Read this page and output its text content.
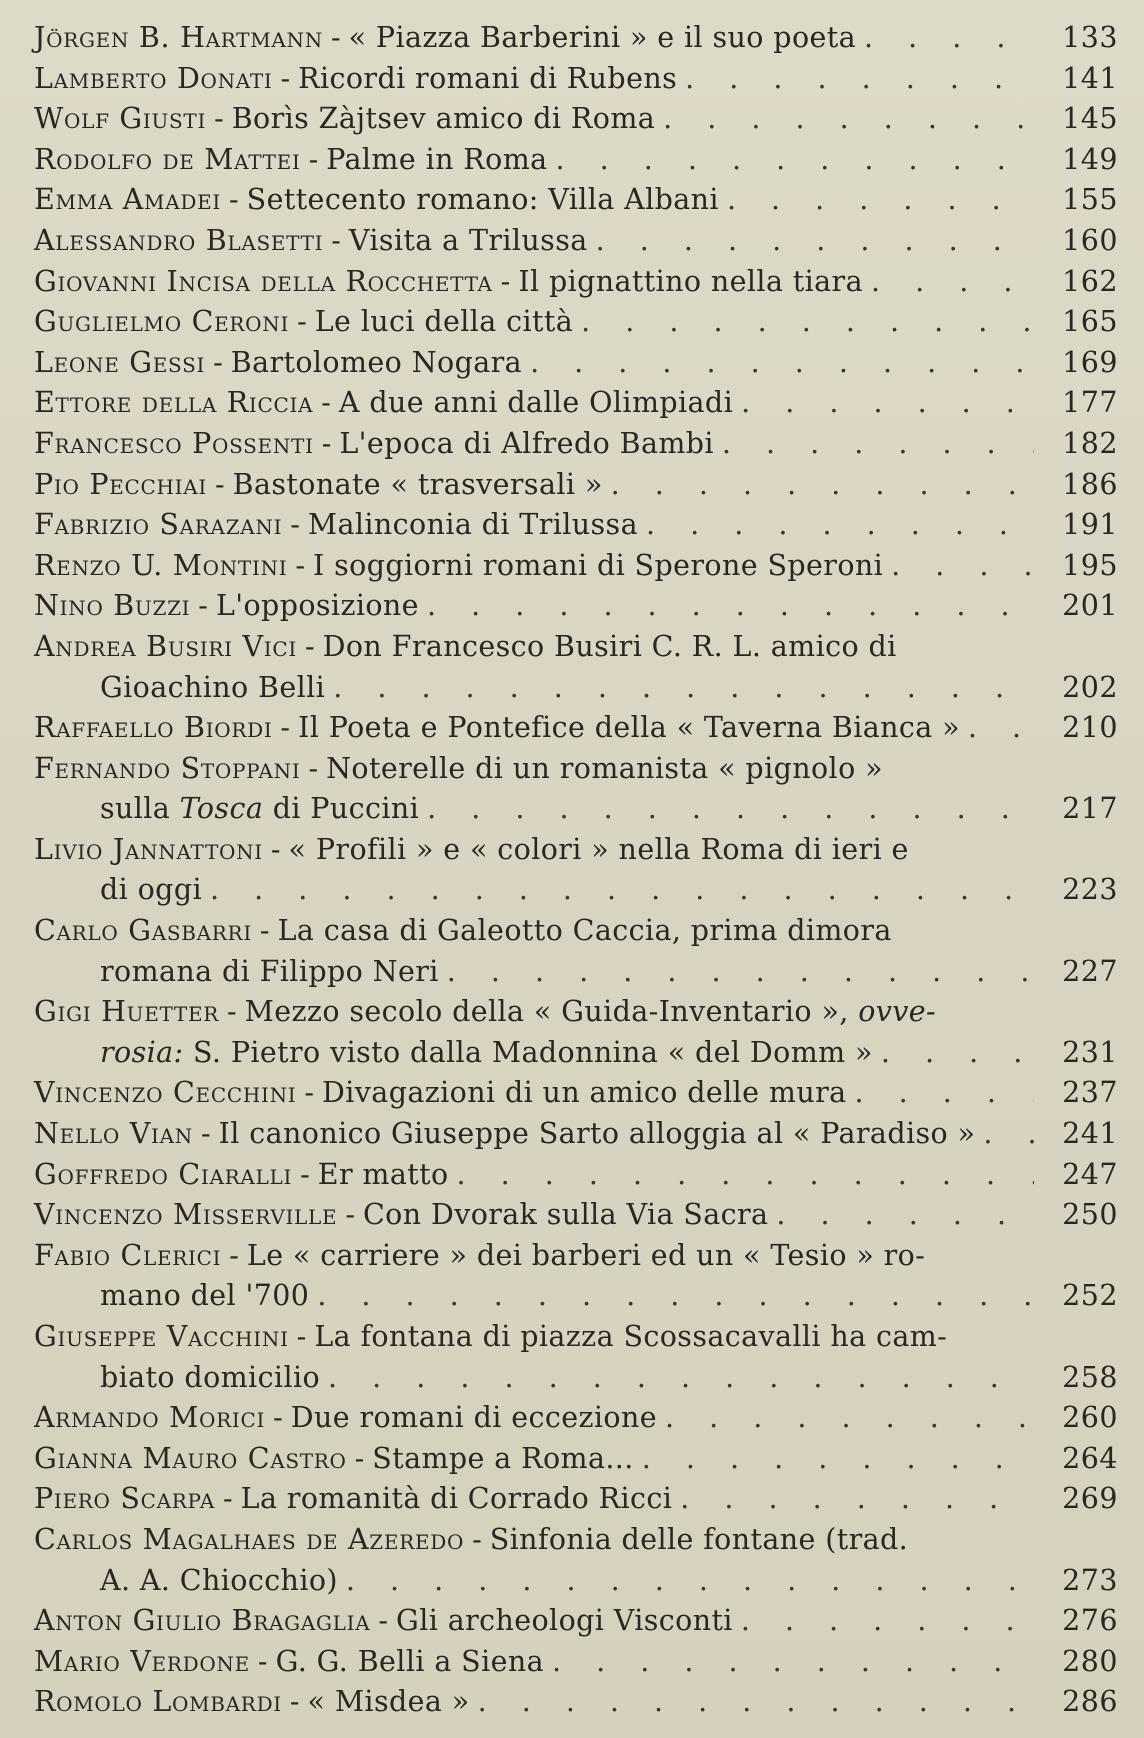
Jörgen B. Hartmann - « Piazza Barberini » e il suo poeta . . .	133
Lamberto Donati - Ricordi romani di Rubens . . .	141
Wolf Giusti - Borìs Zàjtsev amico di Roma . . .	145
Rodolfo de Mattei - Palme in Roma . . .	149
Emma Amadei - Settecento romano: Villa Albani . . .	155
Alessandro Blasetti - Visita a Trilussa . . .	160
Giovanni Incisa della Rocchetta - Il pignattino nella tiara . . .	162
Guglielmo Ceroni - Le luci della città . . .	165
Leone Gessi - Bartolomeo Nogara . . .	169
Ettore della Riccia - A due anni dalle Olimpiadi . . .	177
Francesco Possenti - L'epoca di Alfredo Bambi . . .	182
Pio Pecchiai - Bastonate « trasversali » . . .	186
Fabrizio Sarazani - Malinconia di Trilussa . . .	191
Renzo U. Montini - I soggiorni romani di Sperone Speroni . . .	195
Nino Buzzi - L'opposizione . . .	201
Andrea Busiri Vici - Don Francesco Busiri C. R. L. amico di
Gioachino Belli . . .	202
Raffaello Biordi - Il Poeta e Pontefice della « Taverna Bianca » . . .	210
Fernando Stoppani - Noterelle di un romanista « pignolo »
sulla Tosca di Puccini . . .	217
Livio Jannattoni - « Profili » e « colori » nella Roma di ieri e
di oggi . . .	223
Carlo Gasbarri - La casa di Galeotto Caccia, prima dimora
romana di Filippo Neri . . .	227
Gigi Huetter - Mezzo secolo della « Guida-Inventario », ovve-
rosia: S. Pietro visto dalla Madonnina « del Domm » . . .	231
Vincenzo Cecchini - Divagazioni di un amico delle mura . . .	237
Nello Vian - Il canonico Giuseppe Sarto alloggia al « Paradiso » . . .	241
Goffredo Ciaralli - Er matto . . .	247
Vincenzo Misserville - Con Dvorak sulla Via Sacra . . .	250
Fabio Clerici - Le « carriere » dei barberi ed un « Tesio » ro-
mano del '700 . . .	252
Giuseppe Vacchini - La fontana di piazza Scossacavalli ha cam-
biato domicilio . . .	258
Armando Morici - Due romani di eccezione . . .	260
Gianna Mauro Castro - Stampe a Roma... . . .	264
Piero Scarpa - La romanità di Corrado Ricci . . .	269
Carlos Magalhaes de Azeredo - Sinfonia delle fontane (trad.
A. A. Chiocchio) . . .	273
Anton Giulio Bragaglia - Gli archeologi Visconti . . .	276
Mario Verdone - G. G. Belli a Siena . . .	280
Romolo Lombardi - « Misdea » . . .	286
